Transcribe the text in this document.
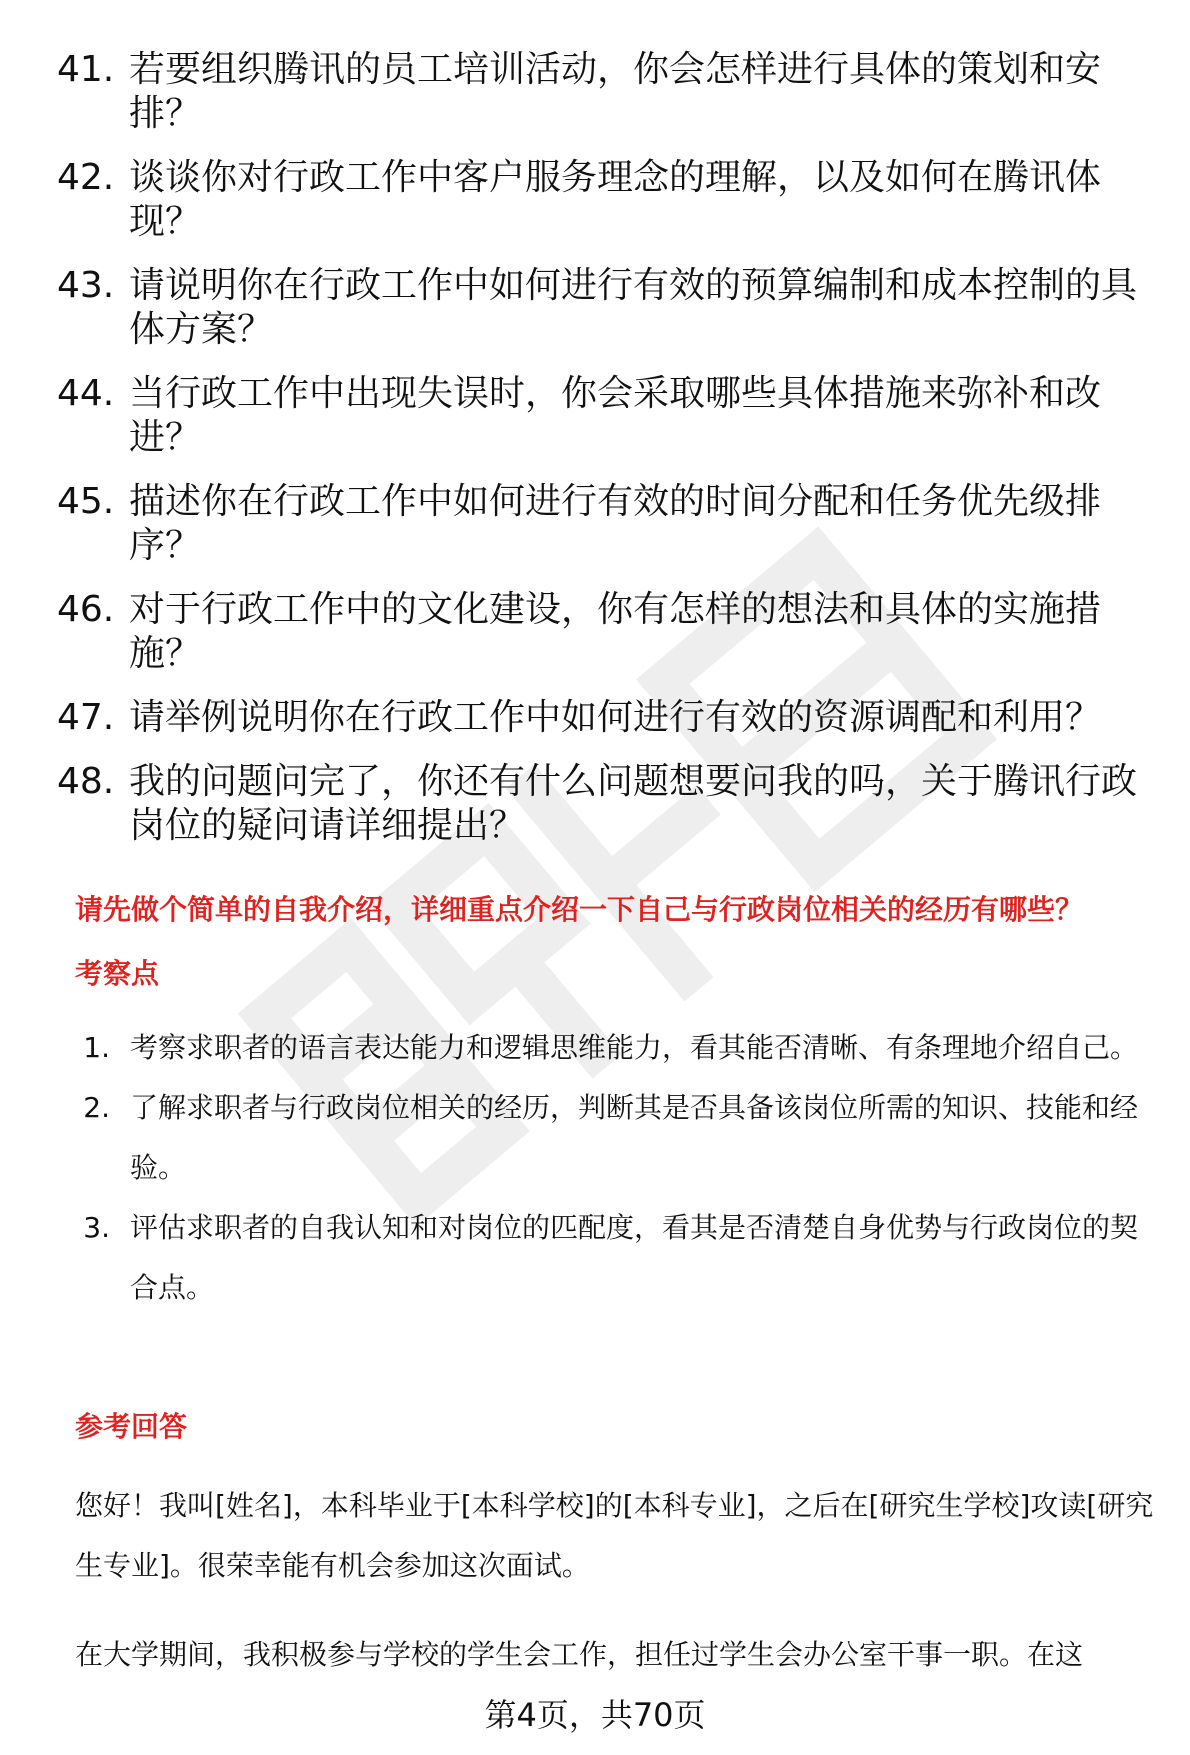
41. 若要组织腾讯的员工培训活动，你会怎样进行具体的策划和安排？
42. 谈谈你对行政工作中客户服务理念的理解，以及如何在腾讯体现？
43. 请说明你在行政工作中如何进行有效的预算编制和成本控制的具体方案？
44. 当行政工作中出现失误时，你会采取哪些具体措施来弥补和改进？
45. 描述你在行政工作中如何进行有效的时间分配和任务优先级排序？
46. 对于行政工作中的文化建设，你有怎样的想法和具体的实施措施？
47. 请举例说明你在行政工作中如何进行有效的资源调配和利用？
48. 我的问题问完了，你还有什么问题想要问我的吗，关于腾讯行政岗位的疑问请详细提出？
请先做个简单的自我介绍，详细重点介绍一下自己与行政岗位相关的经历有哪些？
考察点
1. 考察求职者的语言表达能力和逻辑思维能力，看其能否清晰、有条理地介绍自己。
2. 了解求职者与行政岗位相关的经历，判断其是否具备该岗位所需的知识、技能和经验。
3. 评估求职者的自我认知和对岗位的匹配度，看其是否清楚自身优势与行政岗位的契合点。
参考回答

您好！我叫[姓名]，本科毕业于[本科学校]的[本科专业]，之后在[研究生学校]攻读[研究生专业]。很荣幸能有机会参加这次面试。

在大学期间，我积极参与学校的学生会工作，担任过学生会办公室干事一职。在这

第4页，共70页
